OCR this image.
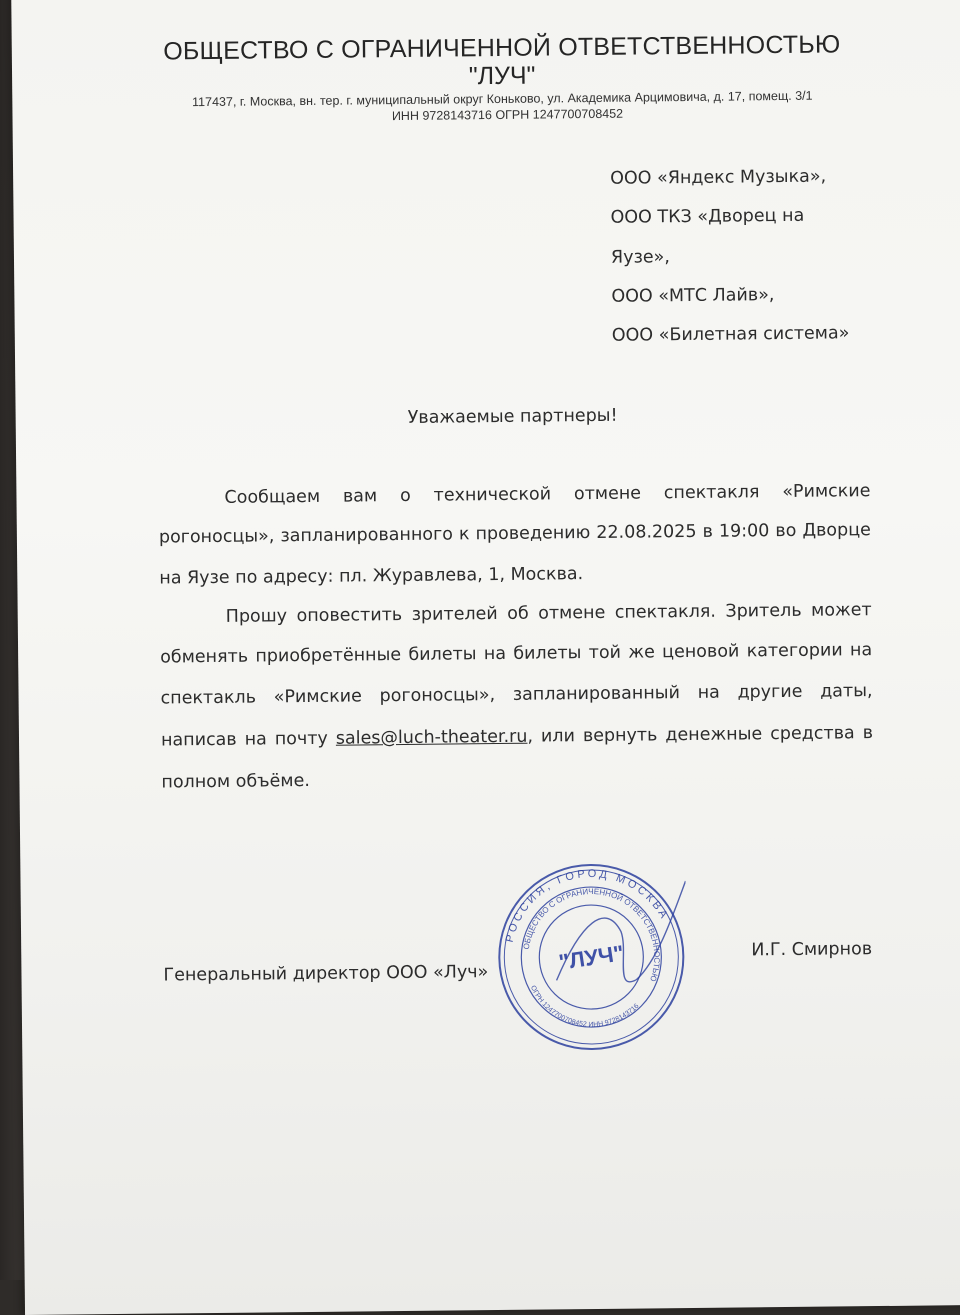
ОБЩЕСТВО С ОГРАНИЧЕННОЙ ОТВЕТСТВЕННОСТЬЮ
"ЛУЧ"
117437, г. Москва, вн. тер. г. муниципальный округ Коньково, ул. Академика Арцимовича, д. 17, помещ. 3/1
ИНН 9728143716 ОГРН 1247700708452
ООО «Яндекс Музыка»,
ООО ТКЗ «Дворец на
Яузе»,
ООО «МТС Лайв»,
ООО «Билетная система»
Уважаемые партнеры!
Сообщаем вам о технической отмене спектакля «Римские
рогоносцы», запланированного к проведению 22.08.2025 в 19:00 во Дворце
на Яузе по адресу: пл. Журавлева, 1, Москва.
Прошу оповестить зрителей об отмене спектакля. Зритель может
обменять приобретённые билеты на билеты той же ценовой категории на
спектакль «Римские рогоносцы», запланированный на другие даты,
написав на почту sales@luch-theater.ru, или вернуть денежные средства в
полном объёме.
Генеральный директор ООО «Луч»
И.Г. Смирнов
РОССИЯ, ГОРОД МОСКВА
ОБЩЕСТВО С ОГРАНИЧЕННОЙ ОТВЕТСТВЕННОСТЬЮ
ОГРН 1247700708452 ИНН 9728143716
"ЛУЧ"
